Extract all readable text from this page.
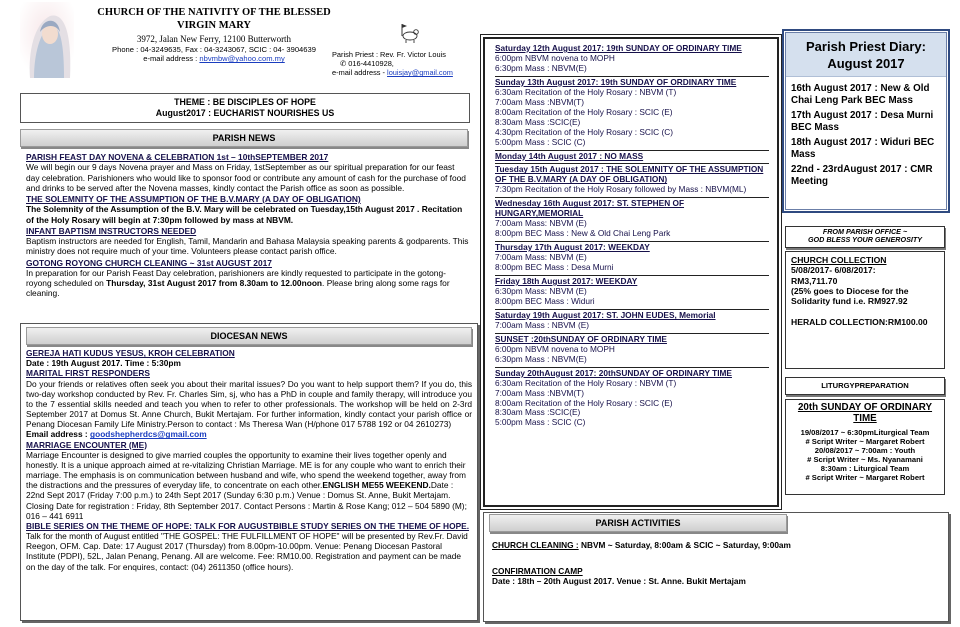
CHURCH OF THE NATIVITY OF THE BLESSED VIRGIN MARY
3972, Jalan New Ferry, 12100 Butterworth
Phone : 04-3249635, Fax : 04-3243067, SCIC : 04- 3904639
e-mail address : nbvmbw@yahoo.com.my	Parish Priest : Rev. Fr. Victor Louis
✆ 016-4410928,
e-mail address - louisjay@gmail.com
THEME : BE DISCIPLES OF HOPE
August2017 : EUCHARIST NOURISHES US
PARISH NEWS
PARISH FEAST DAY NOVENA & CELEBRATION 1st – 10thSEPTEMBER 2017
We will begin our 9 days Novena prayer and Mass on Friday, 1stSeptember as our spiritual preparation for our feast day celebration. Parishioners who would like to sponsor food or contribute any amount of cash for the purchase of food and drinks to be served after the Novena masses, kindly contact the Parish office as soon as possible.
THE SOLEMNITY OF THE ASSUMPTION OF THE B.V.MARY (A DAY OF OBLIGATION)
The Solemnity of the Assumption of the B.V. Mary will be celebrated on Tuesday,15th August 2017 . Recitation of the Holy Rosary will begin at 7:30pm followed by mass at NBVM.
INFANT BAPTISM INSTRUCTORS NEEDED
Baptism instructors are needed for English, Tamil, Mandarin and Bahasa Malaysia speaking parents & godparents. This ministry does not require much of your time. Volunteers please contact parish office.
GOTONG ROYONG CHURCH CLEANING ~ 31st AUGUST 2017
In preparation for our Parish Feast Day celebration, parishioners are kindly requested to participate in the gotong-royong scheduled on Thursday, 31st August 2017 from 8.30am to 12.00noon. Please bring along some rags for cleaning.
DIOCESAN NEWS
GEREJA HATI KUDUS YESUS, KROH CELEBRATION
Date : 19th August 2017. Time : 5:30pm
MARITAL FIRST RESPONDERS
Do your friends or relatives often seek you about their marital issues? Do you want to help support them? If you do, this two-day workshop conducted by Rev. Fr. Charles Sim, sj, who has a PhD in couple and family therapy, will introduce you to the 7 essential skills needed and teach you when to refer to other professionals. The workshop will be held on 2-3rd September 2017 at Domus St. Anne Church, Bukit Mertajam. For further information, kindly contact your parish office or Penang Diocesan Family Life Ministry.Person to contact : Ms Theresa Wan (H/phone 017 5788 192 or 04 2610273)
Email address : goodshepherdcs@gmail.com
MARRIAGE ENCOUNTER (ME)
Marriage Encounter is designed to give married couples the opportunity to examine their lives together openly and honestly. It is a unique approach aimed at re-vitalizing Christian Marriage. ME is for any couple who want to enrich their marriage. The emphasis is on communication between husband and wife, who spend the weekend together, away from the distractions and the pressures of everyday life, to concentrate on each other.ENGLISH ME55 WEEKEND.Date : 22nd Sept 2017 (Friday 7:00 p.m.) to 24th Sept 2017 (Sunday 6:30 p.m.) Venue : Domus St. Anne, Bukit Mertajam. Closing Date for registration : Friday, 8th September 2017. Contact Persons : Martin & Rose Kang; 012 – 504 5890 (M); 016 – 441 6911
BIBLE SERIES ON THE THEME OF HOPE: TALK FOR AUGUSTBIBLE STUDY SERIES ON THE THEME OF HOPE. Talk for the month of August entitled "THE GOSPEL: THE FULFILLMENT OF HOPE" will be presented by Rev.Fr. David Reegon, OFM. Cap. Date: 17 August 2017 (Thursday) from 8.00pm-10.00pm. Venue: Penang Diocesan Pastoral Institute (PDPI), 52L, Jalan Penang, Penang. All are welcome. Fee: RM10.00. Registration and payment can be made on the day of the talk. For enquires, contact: (04) 2611350 (office hours).
Saturday 12th August 2017: 19th SUNDAY OF ORDINARY TIME
6:00pm NBVM novena to MOPH
6:30pm Mass : NBVM(E)
Sunday 13th August 2017: 19th SUNDAY OF ORDINARY TIME
6:30am Recitation of the Holy Rosary : NBVM (T)
7:00am Mass :NBVM(T)
8:00am Recitation of the Holy Rosary : SCIC (E)
8:30am Mass :SCIC(E)
4:30pm Recitation of the Holy Rosary : SCIC (C)
5:00pm Mass : SCIC (C)
Monday 14th August 2017 : NO MASS
Tuesday 15th August 2017 : THE SOLEMNITY OF THE ASSUMPTION OF THE B.V.MARY (A DAY OF OBLIGATION)
7:30pm Recitation of the Holy Rosary followed by Mass : NBVM(ML)
Wednesday 16th August 2017: ST. STEPHEN OF HUNGARY,MEMORIAL
7:00am Mass: NBVM (E)
8:00pm BEC Mass : New & Old Chai Leng Park
Thursday 17th August 2017: WEEKDAY
7:00am Mass: NBVM (E)
8:00pm BEC Mass : Desa Murni
Friday 18th August 2017: WEEKDAY
6:30pm Mass: NBVM (E)
8:00pm BEC Mass : Widuri
Saturday 19th August 2017: ST. JOHN EUDES, Memorial
7:00am Mass : NBVM (E)
SUNSET :20thSUNDAY OF ORDINARY TIME
6:00pm NBVM novena to MOPH
6:30pm Mass : NBVM(E)
Sunday 20thAugust 2017: 20thSUNDAY OF ORDINARY TIME
6:30am Recitation of the Holy Rosary : NBVM (T)
7:00am Mass :NBVM(T)
8:00am Recitation of the Holy Rosary : SCIC (E)
8:30am Mass :SCIC(E)
5:00pm Mass : SCIC (C)
Parish Priest Diary: August 2017
16th August 2017 : New & Old Chai Leng Park BEC Mass
17th August 2017 : Desa Murni BEC Mass
18th August 2017 : Widuri BEC Mass
22nd - 23rdAugust 2017 : CMR Meeting
FROM PARISH OFFICE ~
GOD BLESS YOUR GENEROSITY
CHURCH COLLECTION
5/08/2017- 6/08/2017:
RM3,711.70
(25% goes to Diocese for the Solidarity fund i.e. RM927.92
HERALD COLLECTION:RM100.00
LITURGYPREPARATION
20th SUNDAY OF ORDINARY TIME
19/08/2017 ~ 6:30pmLiturgical Team
# Script Writer ~ Margaret Robert
20/08/2017 ~ 7:00am : Youth
# Script Writer ~ Ms. Nyanamani
8:30am : Liturgical Team
# Script Writer ~ Margaret Robert
PARISH ACTIVITIES
CHURCH CLEANING : NBVM ~ Saturday, 8:00am & SCIC ~ Saturday, 9:00am
CONFIRMATION CAMP
Date : 18th – 20th August 2017. Venue : St. Anne. Bukit Mertajam
